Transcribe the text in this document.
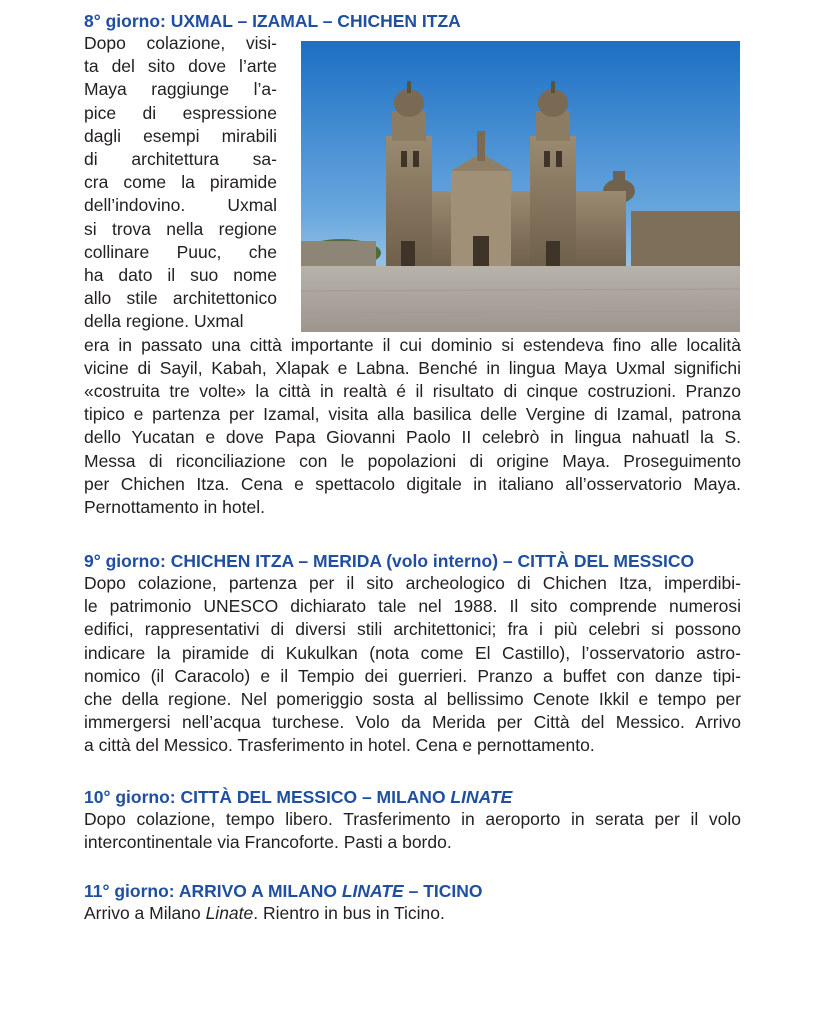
8° giorno: UXMAL – IZAMAL – CHICHEN ITZA

Dopo colazione, visi-
ta del sito dove l’arte
Maya raggiunge l’a-
pice di espressione
dagli esempi mirabili
di architettura sa-
cra come la piramide
dell’indovino. Uxmal
si trova nella regione
collinare Puuc, che
ha dato il suo nome
allo stile architettonico
della regione. Uxmal
era in passato una città importante il cui dominio si estendeva fino alle località
vicine di Sayil, Kabah, Xlapak e Labna. Benché in lingua Maya Uxmal significhi
«costruita tre volte» la città in realtà é il risultato di cinque costruzioni. Pranzo
tipico e partenza per Izamal, visita alla basilica delle Vergine di Izamal, patrona
dello Yucatan e dove Papa Giovanni Paolo II celebrò in lingua nahuatl la S.
Messa di riconciliazione con le popolazioni di origine Maya. Proseguimento
per Chichen Itza. Cena e spettacolo digitale in italiano all’osservatorio Maya.
Pernottamento in hotel.

9° giorno: CHICHEN ITZA – MERIDA (volo interno) – CITTÀ DEL MESSICO

Dopo colazione, partenza per il sito archeologico di Chichen Itza, imperdibi-
le patrimonio UNESCO dichiarato tale nel 1988. Il sito comprende numerosi
edifici, rappresentativi di diversi stili architettonici; fra i più celebri si possono
indicare la piramide di Kukulkan (nota come El Castillo), l’osservatorio astro-
nomico (il Caracolo) e il Tempio dei guerrieri. Pranzo a buffet con danze tipi-
che della regione. Nel pomeriggio sosta al bellissimo Cenote Ikkil e tempo per
immergersi nell’acqua turchese. Volo da Merida per Città del Messico. Arrivo
a città del Messico. Trasferimento in hotel. Cena e pernottamento.

10° giorno: CITTÀ DEL MESSICO – MILANO LINATE

Dopo colazione, tempo libero. Trasferimento in aeroporto in serata per il volo
intercontinentale via Francoforte. Pasti a bordo.

11° giorno: ARRIVO A MILANO LINATE – TICINO

Arrivo a Milano Linate. Rientro in bus in Ticino.
